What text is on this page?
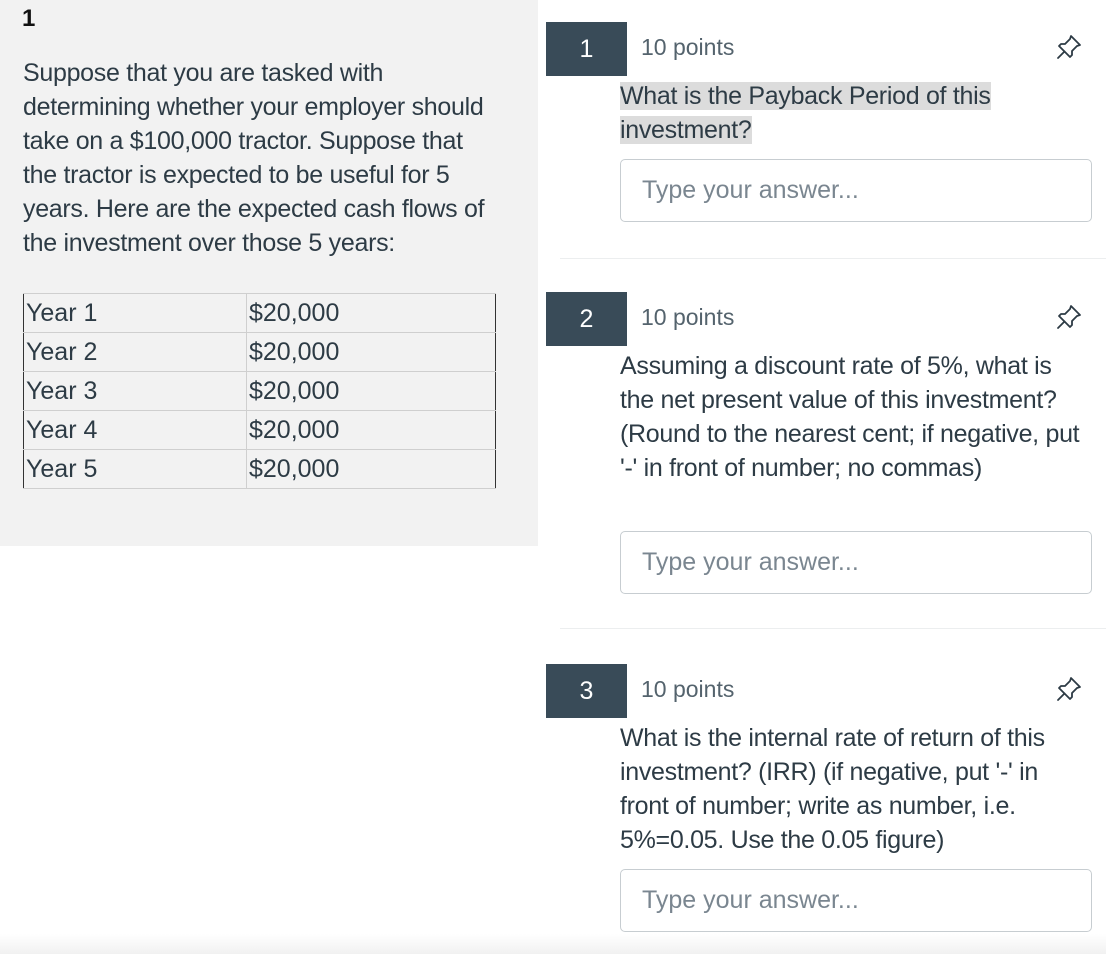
1
Suppose that you are tasked with determining whether your employer should take on a $100,000 tractor. Suppose that the tractor is expected to be useful for 5 years. Here are the expected cash flows of the investment over those 5 years:
Year 1	$20,000
Year 2	$20,000
Year 3	$20,000
Year 4	$20,000
Year 5	$20,000
1	10 points
What is the Payback Period of this
investment?
Type your answer...
2	10 points
Assuming a discount rate of 5%, what is the net present value of this investment? (Round to the nearest cent; if negative, put '-' in front of number; no commas)
Type your answer...
3	10 points
What is the internal rate of return of this investment? (IRR) (if negative, put '-' in front of number; write as number, i.e. 5%=0.05. Use the 0.05 figure)
Type your answer...
